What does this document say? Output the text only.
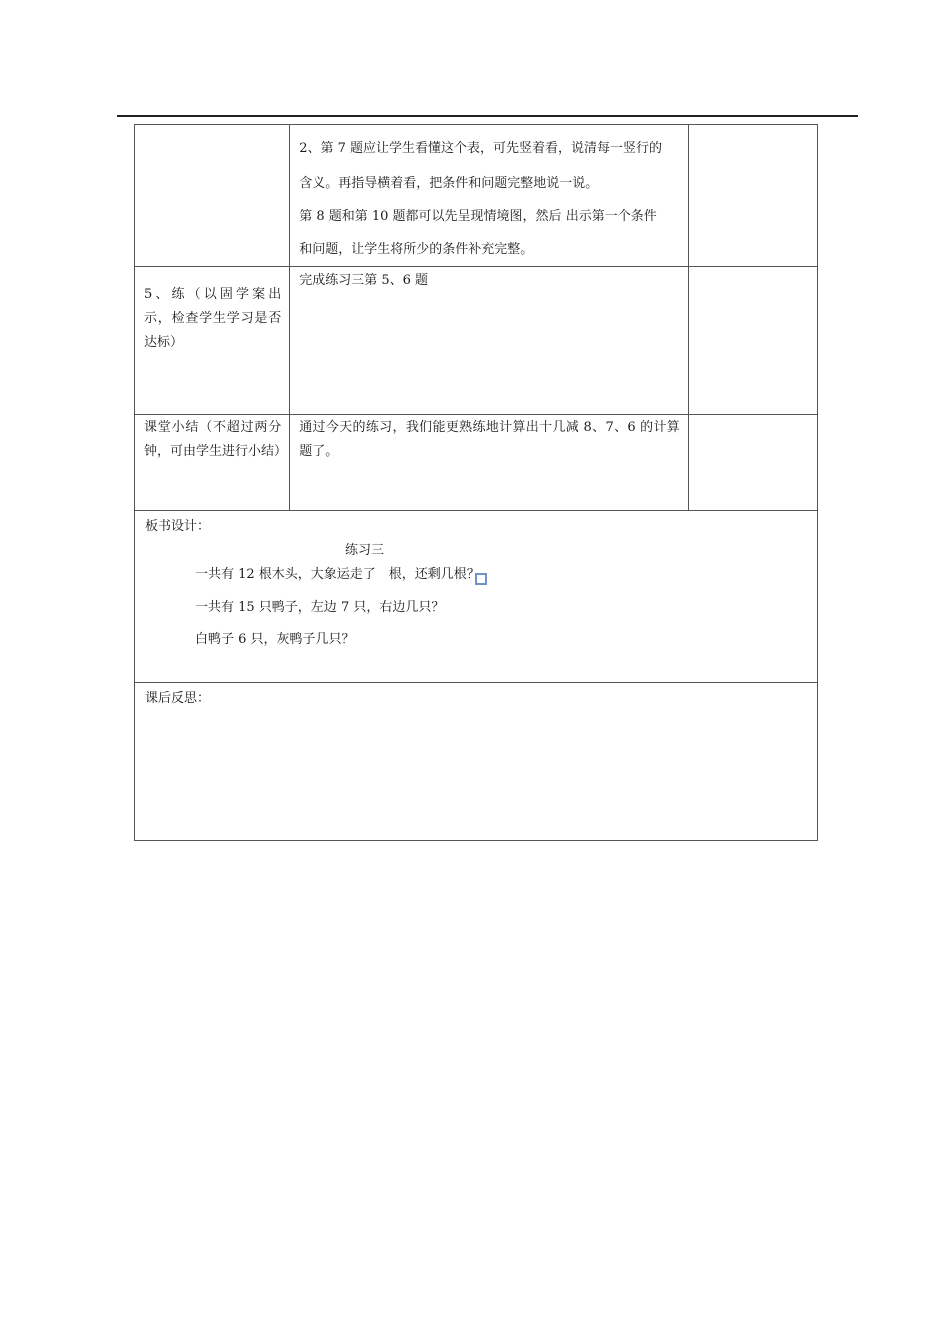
	2、第 7 题应让学生看懂这个表，可先竖着看，说清每一竖行的

含义。再指导横着看，把条件和问题完整地说一说。

第 8 题和第 10 题都可以先呈现情境图，然后 出示第一个条件

和问题，让学生将所少的条件补充完整。	

5、练（以固学案出示，检查学生学习是否达标）	完成练习三第 5、6 题	

课堂小结（不超过两分钟，可由学生进行小结）	通过今天的练习，我们能更熟练地计算出十几减 8、7、6 的计算题了。	

板书设计：
练习三
一共有 12 根木头，大象运走了　根，还剩几根？
一共有 15 只鸭子，左边 7 只，右边几只？
白鸭子 6 只，灰鸭子几只？		

课后反思：		
